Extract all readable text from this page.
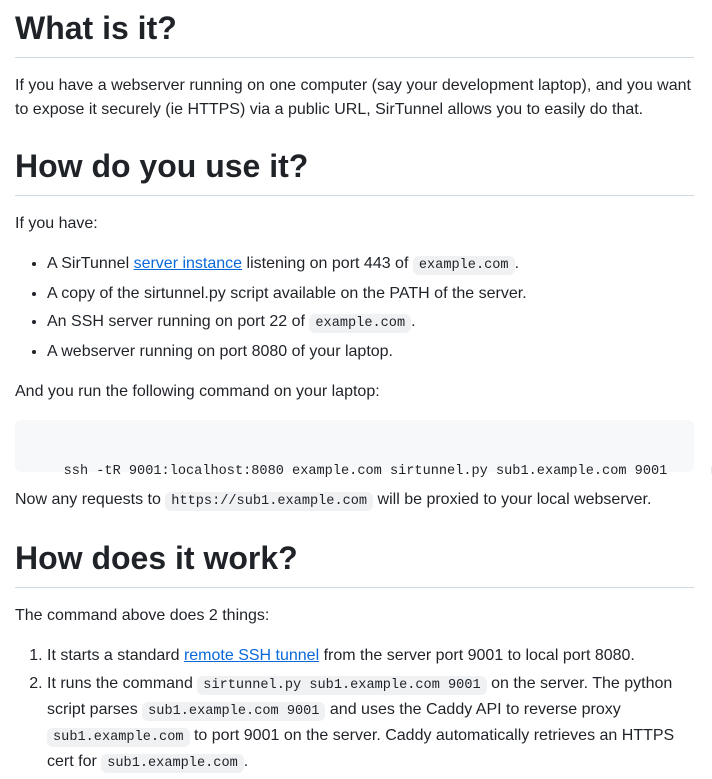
What is it?

If you have a webserver running on one computer (say your development laptop), and you want to expose it securely (ie HTTPS) via a public URL, SirTunnel allows you to easily do that.

How do you use it?

If you have:

• A SirTunnel server instance listening on port 443 of example.com .
• A copy of the sirtunnel.py script available on the PATH of the server.
• An SSH server running on port 22 of example.com .
• A webserver running on port 8080 of your laptop.

And you run the following command on your laptop:

ssh -tR 9001:localhost:8080 example.com sirtunnel.py sub1.example.com 9001

Now any requests to https://sub1.example.com will be proxied to your local webserver.

How does it work?

The command above does 2 things:

1. It starts a standard remote SSH tunnel from the server port 9001 to local port 8080.
2. It runs the command sirtunnel.py sub1.example.com 9001 on the server. The python script parses sub1.example.com 9001 and uses the Caddy API to reverse proxy sub1.example.com to port 9001 on the server. Caddy automatically retrieves an HTTPS cert for sub1.example.com .
